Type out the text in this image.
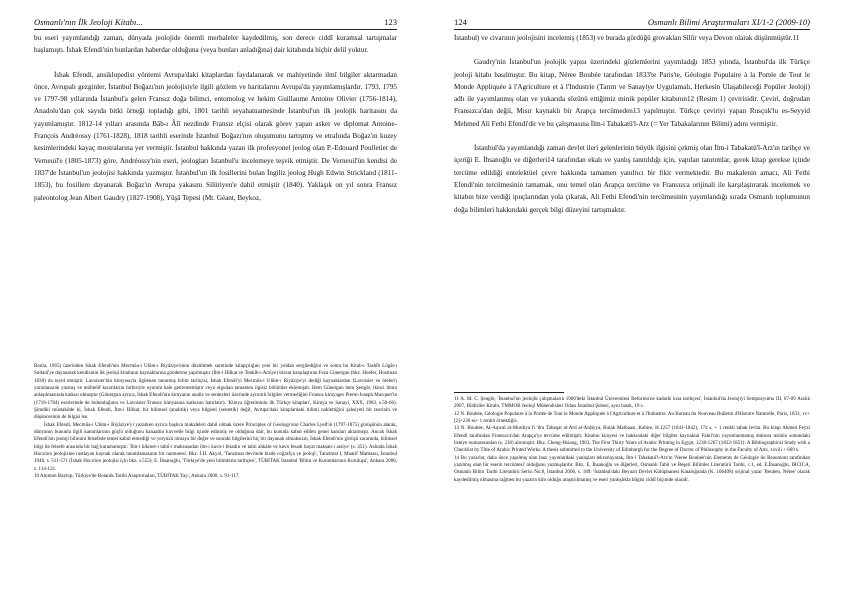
Osmanlı'nın İlk Jeoloji Kitabı...	123

bu eseri yayımlandığı zaman, dünyada jeolojide önemli merhaleler kaydedilmiş, son derece ciddî kuramsal tartışmalar başlamıştı. İshak Efendi'nin bunlardan haberdar olduğuna (veya bunları anladığına) dair kitabında hiçbir delil yoktur.

İshak Efendi, ansiklopedist yöntemi Avrupa'daki kitaplardan faydalanarak ve mahiyetinde ilmî bilgiler aktarmadan önce, Avrupalı gezginler, İstanbul Boğazı'nın jeolojisiyle ilgili gözlem ve haritalarını Avrupa'da yayımlamışlardır. 1793, 1795 ve 1797-98 yıllarında İstanbul'a gelen Fransız doğa bilimci, entomolog ve hekim Guillaume Antoine Olivier (1756-1814), Anadolu'dan çok sayıda bitki örneği topladığı gibi, 1801 tarihli seyahatnamesinde İstanbul'un ilk jeolojik haritasını da yayımlamıştır. 1812-14 yılları arasında Bâb-ı Âlî nezdinde Fransız elçisi olarak görev yapan asker ve diplomat Antoine-François Andréossy (1761-1828), 1818 tarihli eserinde İstanbul Boğazı'nın oluşumunu tartışmış ve etrafında Boğaz'ın kuzey kesimlerindeki kayaç mostralarına yer vermiştir. İstanbul hakkında yazan ilk profesyonel jeolog olan P.-Edouard Poulletier de Verneuil'e (1805-1873) göre, Andréossy'nin eseri, jeologları İstanbul'u incelemeye teşvik etmiştir. De Verneuil'ün kendisi de 1837'de İstanbul'un jeolojisi hakkında yazmıştır. İstanbul'un ilk fosillerini bulan İngiliz jeolog Hugh Edwin Strickland (1811-1853), bu fosillere dayanarak Boğaz'ın Avrupa yakasını Silüriyen'e dahil etmiştir (1840). Yaklaşık on yıl sonra Fransız paleontolog Jean Albert Gaudry (1827-1908), Yûşâ Tepesi (Mt. Géant, Beykoz,

Bonla, 1965) üzerinden İshak Efendi'nin Mecmûa-i Ulûm-ı Riyâziye'sinin düzültmek suretinde kitapçılığını yeni bir yoldan sergilediğini ve sonra bu Kitab-ı Tashîh Lûgât-ı Sultanî'ye dayanarak kendisinin ilk jeoloji kitabının kaynaklarına gönderme yapılmıştır (İlm-i Hilkat ve Tenkîh-ı Arziye) bizzat karşılaştıran Feza Günergun (bkz. Hoefer, Hostman 1838) da teyid etmiştir. Lavoisier'nin kimyasıyla ilgilenen tanınmış bilim tarihçisi, İshak Efendi'yi Mecmûa-i Ulûm-ı Riyâziye'yi dediği kaynaklardan (Lavoisier ve öteleri) yararlanarak yazmış ve mühtelif kısımlarını birbiriyle uyumlu hale getirememiştir veya olgudan tamamen ilgisiz bölümler eklemiştir. Hem Günergun hem Şengör, ikinci ilmin anlaşılmasında katkısı olmuştur (Günergun ayrıca, İshak Efendi'nin kimyanın analiz ve sentezleri üzerinde ayrıntılı bilgiler vermediğini Fransız kimyager Pierre-Joseph Macquer'in (1718-1784) eserlerinde de bulunduğunu ve Lavoisier Fransız kimyasına katkısını hatırlatır). 'Kimya öğretiminin ilk Türkçe kitapları', Kimya ve Sanayi, XXX, 1983, s.50-66). Şimdiki müstakilde ki, İshak Efendi, İlm-i Hilkat, bir bilimsel (analitik) veya bilgisel (sentetik) değil, Avrupa'daki kitaplardaki bilimi naklettiğini şahsiyeti bir teorinin ve düşüncesinin de bilgisi ise.

İshak Efendi, Mecmûa-i Ulûm-ı Riyâziye'yi yazarken ayrıca başlıca makaleleri dahil olmak üzere Principles of Geology'sini Charles Lyell'in (1797-1875) görüşünün alarak, dünyanın bununla ilgili kanunlarının güçlü olduğunu kanaatini kuvvetle bilgi içinde edinmiş ve olduğuna dair, bu konuda kabul edilen genel kanıları aktarmıştı. Ancak İshak Efendi'nin jeoloji bilimini felsefede temel kabul etmediği ve yeryüzü olmaya bir değer ve sonraki bilgilerini hiç bir dayanak olmaksızın, İshak Efendi'nin görüşü zararında, bilimsel bilgi ile felsefe arasında bir bağ kuramamıştır. 'İlm-i hikmet-i tabiî-i mahsusadan ilm-ı kavn-i fesadın ve tabii ahkâm ve kavn fesadı hayat maksatı-i asriye' (s. 451). Aslında İshak Hoca'nın jeolojisine rastlayan kaynak olarak tanımlamasının bir numunesi. Bkz. İ.H. Akyol, 'Tanzimat devrinde bizde coğrafya ve jeoloji', Tanzimat I, Maarif Matbaası, İstanbul 1940, s. 511-571 (İshak Hoca'nın jeolojisi için bkz. s.555); E. İhsanoğlu, 'Türkiye'de yeni bilimlerin tarihçesi', TÜBİTAK İstanbul 'Bilim ve Kurumlarının Kuruluşu', Ankara 2006, s. 114-121.

10 Ammun Baytop, Türkiye'de Botanik Tarihi Araştırmaları, TÜBİTAK Yay., Ankara 2000, s. 91-117.

124	Osmanlı Bilimi Araştırmaları XI/1-2 (2009-10)

İstanbul) ve civarının jeolojisini incelemiş (1853) ve burada gördüğü grovaklan Silûr veya Devon olarak düşünmüştür.11

Gaudry'nin İstanbul'un jeolojik yapısı üzerindeki gözlemlerini yayımladığı 1853 yılında, İstanbul'da ilk Türkçe jeoloji kitabı basılmıştır. Bu kitap, Néree Boubée tarafından 1833'te Paris'te, Géologie Populaire à la Portée de Tout le Monde Appliquée à l'Agriculture et à l'Industrie (Tarım ve Sanayiye Uygulamalı, Herkesin Ulaşabileceği Popüler Jeoloji) adlı ile yayımlanmış olan ve yukarıda sözünü ettiğimiz minik popüler kitabının12 (Resim 1) çevirisidir. Çeviri, doğrudan Fransızca'dan değil, Mısır kaynaklı bir Arapça tercümeden13 yapılmıştır. Türkçe çeviriyi yapan Rusçuk'lu es-Seyyid Mehmed Ali Fethi Efendi'dir ve bu çalışmasına İlm-i Tabakatü'l-Arz (= Yer Tabakalarının Bilimi) adını vermiştir.

İstanbul'da yayımlandığı zaman devlet ileri gelenlerinin büyük ilgisini çekmiş olan İlm-i Tabakatü'l-Arz'ın tarihçe ve içeriği E. İhsanoğlu ve diğerleri14 tarafından ekalı ve yanlış tanıtıldığı için, yapılan tanıtımlar, gerek kitap gerekse içinde tercüme edildiği entelektüel çevre hakkında tamamen yanıltıcı bir fikir vermektedir. Bu makalenin amacı, Ali Fethi Efendi'nin tercümesinin tamamak, onu temel olan Arapça tercüme ve Fransızca orijinali ile karşılaştırarak incelemek ve kitabın bize verdiği ipuçlarından yola çıkarak, Ali Fethi Efendi'nin tercümesinin yayımlandığı sırada Osmanlı toplumunun doğa bilimleri hakkındaki gerçek bilgi düzeyini tartışmaktır.

11 A. M. C. Şengör, 'İstanbul'un jeolojik çalışmaların 1900'deki İstanbul Üniversitesi Reformu'ne kadarki kısa tarihçesi', İstanbul'da Jeolojiyi Sempozyumu III, 07-09 Aralık 2007, Bildiriler Kitabı, TMMOB Jeoloji Mühendisleri Odası İstanbul Şubesi, aynı basık, 19 s.

12 N. Boubée, Géologie Populaire à la Portée de Tout le Monde Appliquée à l'Agriculture et à l'Industrie. Au Bureau du Nouveau Bulletin d'Histoire Naturelle, Paris, 1833, xv+[2]+236 ss+ 1 renkli örnektiğis.

13 N. Boubée, Al-Aqwal al-Murdiya fi 'ilm Tabaqat al-Ard al-Arḍiyya, Bulak Matbaası, Kahire, H.1257 (1841-1842), 174 s. + 1 renkli tabak levha. Bu kitap Ahmed Feyzi Efendi tarafından Fransızca'dan Arapça'ya tercüme edilmiştir. Kitabın künyesi ve hakkındaki diğer bilgiler kaynaklar Fahri'nin yayımlanmamış doktora tezinin sonundaki listeye numarasından (s. 236) alınmıştır. Bkz. Cheng-Hsiang, 1963, The First Thirty Years of Arabic Printing in Egypt, 1238-1267 (1822-1851): A Bibliographical Study with a Checklist by Title of Arabic Printed Works. A thesis submitted to the University of Edinburgh for the Degree of Doctor of Philosophy in the Faculty of Arts, xxviii + 669 s.

14 Bu yazarlar, daha önce yapılmış olan bazı yayınlardaki yanlışları tekrarlayarak, İlm-i Tabakatü'l-Arz'ın 'Neree Boubée'nin Elements de Géologie ile Beaumont tarafından yazılmış olan bir eserin tercümesi' olduğunu yazmışlardır. Bkz. E. İhsanoğlu ve diğerleri, Osmanlı Tabii ve Beşeri Bilimler Literatürü Tarihi, c.1, ed. E.İhsanoğlu, IRCICA, Osmanlı Bilim Tarihi Literatürü Serisi No.8, İstanbul 2006, s. 189: 'İstanbul'daki Beyazıt Devlet Kütüphanesi Kataloğunda (K. 106408) orijinal yazar 'Beuben, Néree' olarak kaydedilmiş olmasına rağmen bu yazarın kim olduğu araştırılmamış ve eseri yanlışlıkla bilgisi ciddî biçimde olarak'.
